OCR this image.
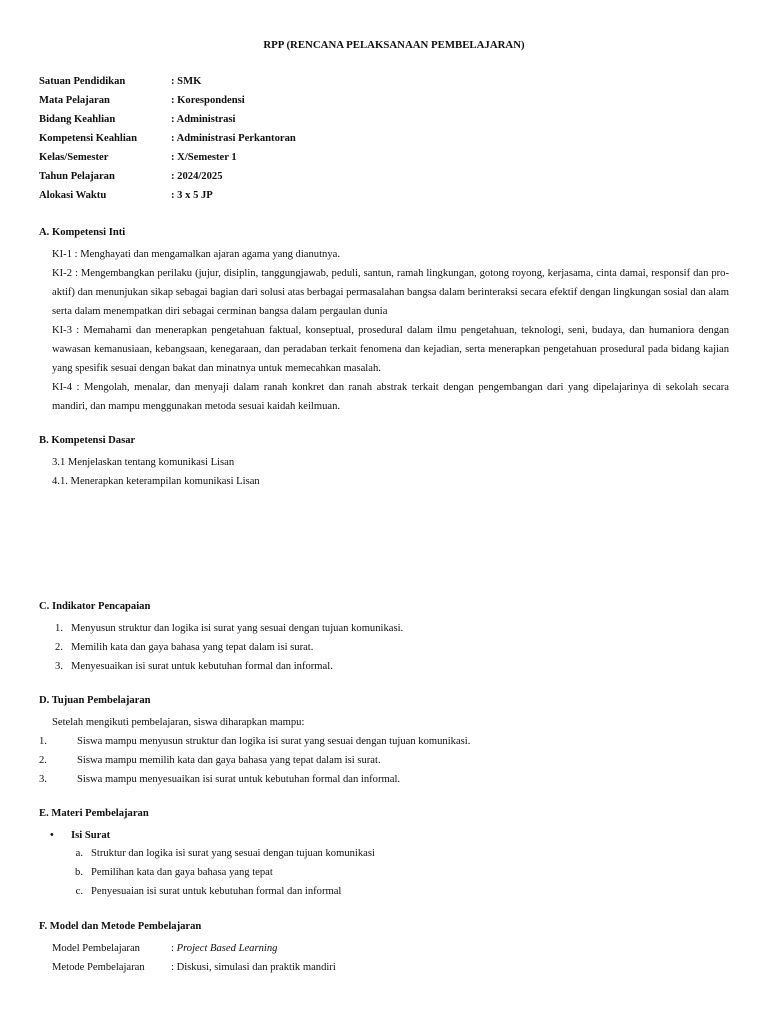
RPP (RENCANA PELAKSANAAN PEMBELAJARAN)
Satuan Pendidikan	: SMK
Mata Pelajaran	: Korespondensi
Bidang Keahlian	: Administrasi
Kompetensi Keahlian	: Administrasi Perkantoran
Kelas/Semester	: X/Semester 1
Tahun Pelajaran	: 2024/2025
Alokasi Waktu	: 3 x 5 JP
A. Kompetensi Inti
KI-1 : Menghayati dan mengamalkan ajaran agama yang dianutnya.
KI-2 : Mengembangkan perilaku (jujur, disiplin, tanggungjawab, peduli, santun, ramah lingkungan, gotong royong, kerjasama, cinta damai, responsif dan pro-aktif) dan menunjukan sikap sebagai bagian dari solusi atas berbagai permasalahan bangsa dalam berinteraksi secara efektif dengan lingkungan sosial dan alam serta dalam menempatkan diri sebagai cerminan bangsa dalam pergaulan dunia
KI-3 : Memahami dan menerapkan pengetahuan faktual, konseptual, prosedural dalam ilmu pengetahuan, teknologi, seni, budaya, dan humaniora dengan wawasan kemanusiaan, kebangsaan, kenegaraan, dan peradaban terkait fenomena dan kejadian, serta menerapkan pengetahuan prosedural pada bidang kajian yang spesifik sesuai dengan bakat dan minatnya untuk memecahkan masalah.
KI-4 : Mengolah, menalar, dan menyaji dalam ranah konkret dan ranah abstrak terkait dengan pengembangan dari yang dipelajarinya di sekolah secara mandiri, dan mampu menggunakan metoda sesuai kaidah keilmuan.
B. Kompetensi Dasar
3.1 Menjelaskan tentang komunikasi Lisan
4.1. Menerapkan keterampilan komunikasi Lisan
C. Indikator Pencapaian
1. Menyusun struktur dan logika isi surat yang sesuai dengan tujuan komunikasi.
2. Memilih kata dan gaya bahasa yang tepat dalam isi surat.
3. Menyesuaikan isi surat untuk kebutuhan formal dan informal.
D. Tujuan Pembelajaran
Setelah mengikuti pembelajaran, siswa diharapkan mampu:
1.	Siswa mampu menyusun struktur dan logika isi surat yang sesuai dengan tujuan komunikasi.
2.	Siswa mampu memilih kata dan gaya bahasa yang tepat dalam isi surat.
3.	Siswa mampu menyesuaikan isi surat untuk kebutuhan formal dan informal.
E. Materi Pembelajaran
•	Isi Surat
a. Struktur dan logika isi surat yang sesuai dengan tujuan komunikasi
b. Pemilihan kata dan gaya bahasa yang tepat
c. Penyesuaian isi surat untuk kebutuhan formal dan informal
F. Model dan Metode Pembelajaran
Model Pembelajaran	: Project Based Learning
Metode Pembelajaran	: Diskusi, simulasi dan praktik mandiri
